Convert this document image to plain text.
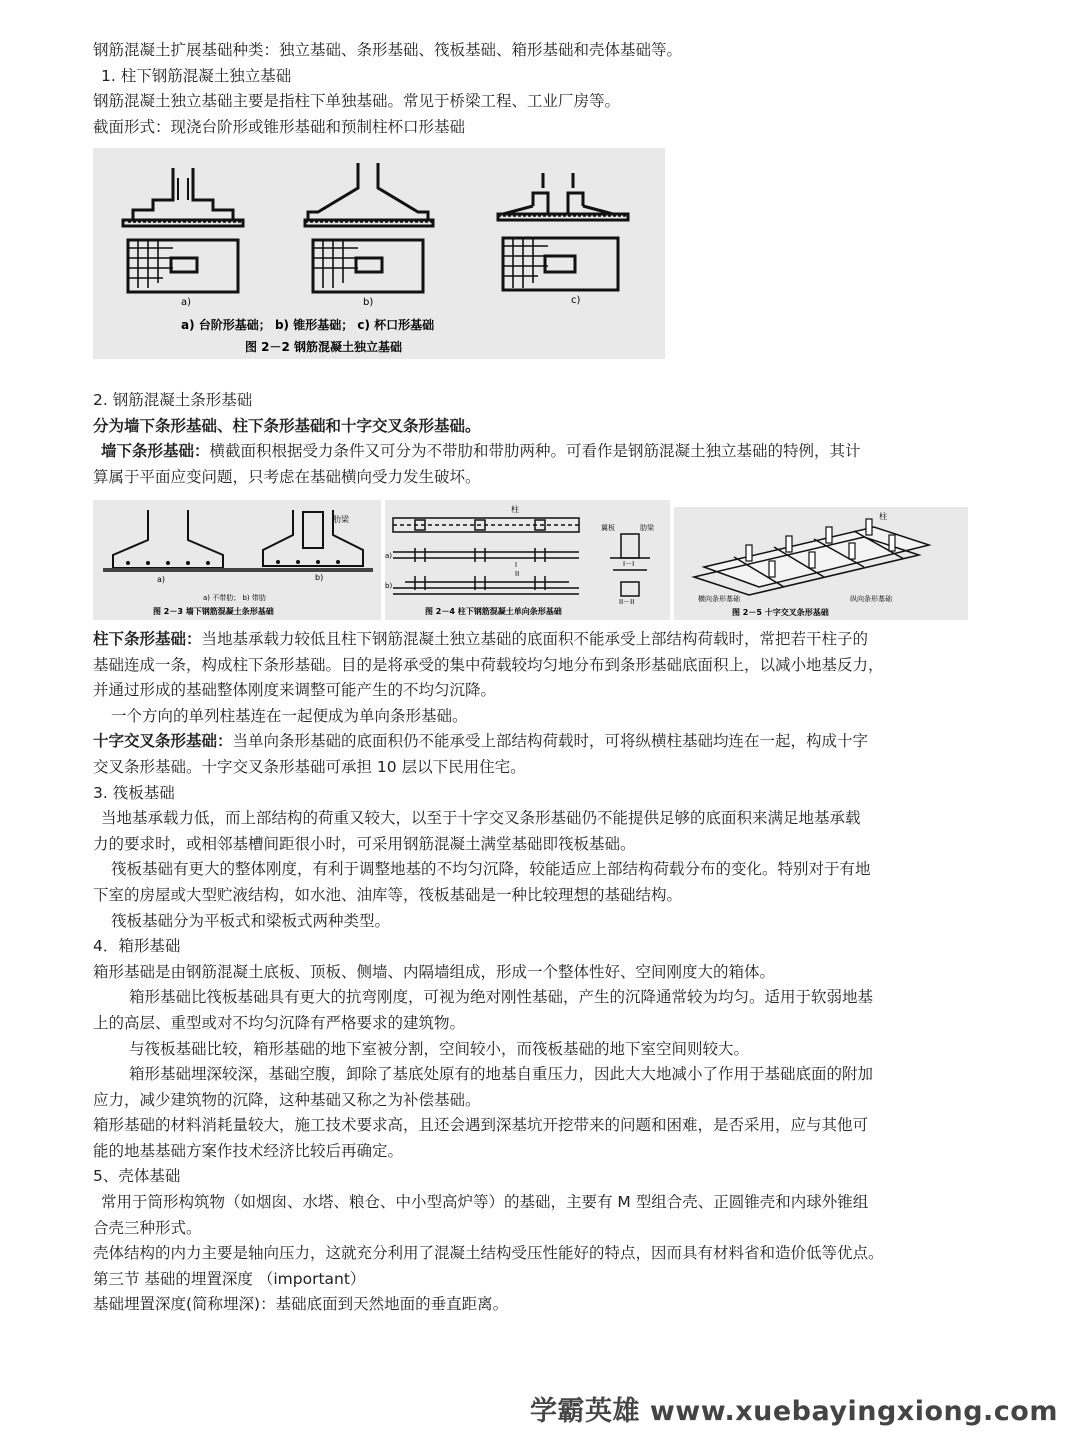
钢筋混凝土扩展基础种类：独立基础、条形基础、筏板基础、箱形基础和壳体基础等。
1. 柱下钢筋混凝土独立基础
钢筋混凝土独立基础主要是指柱下单独基础。常见于桥梁工程、工业厂房等。
截面形式：现浇台阶形或锥形基础和预制柱杯口形基础
a)	b)	c)
a) 台阶形基础； b) 锥形基础； c) 杯口形基础
图 2－2 钢筋混凝土独立基础
2. 钢筋混凝土条形基础
分为墙下条形基础、柱下条形基础和十字交叉条形基础。
墙下条形基础：横截面积根据受力条件又可分为不带肋和带肋两种。可看作是钢筋混凝土独立基础的特例，其计
算属于平面应变问题，只考虑在基础横向受力发生破坏。
肋梁
a)	b)
a) 不带肋； b) 带肋
图 2－3 墙下钢筋混凝土条形基础
柱
翼板	肋梁
a)
b)
I
II
I－I
II－II
图 2－4 柱下钢筋混凝土单向条形基础
柱
横向条形基础	纵向条形基础
图 2－5 十字交叉条形基础
柱下条形基础：当地基承载力较低且柱下钢筋混凝土独立基础的底面积不能承受上部结构荷载时，常把若干柱子的
基础连成一条，构成柱下条形基础。目的是将承受的集中荷载较均匀地分布到条形基础底面积上，以减小地基反力，
并通过形成的基础整体刚度来调整可能产生的不均匀沉降。
一个方向的单列柱基连在一起便成为单向条形基础。
十字交叉条形基础：当单向条形基础的底面积仍不能承受上部结构荷载时，可将纵横柱基础均连在一起，构成十字
交叉条形基础。十字交叉条形基础可承担 10 层以下民用住宅。
3. 筏板基础
当地基承载力低，而上部结构的荷重又较大，以至于十字交叉条形基础仍不能提供足够的底面积来满足地基承载
力的要求时，或相邻基槽间距很小时，可采用钢筋混凝土满堂基础即筏板基础。
筏板基础有更大的整体刚度，有利于调整地基的不均匀沉降，较能适应上部结构荷载分布的变化。特别对于有地
下室的房屋或大型贮液结构，如水池、油库等，筏板基础是一种比较理想的基础结构。
筏板基础分为平板式和梁板式两种类型。
4．箱形基础
箱形基础是由钢筋混凝土底板、顶板、侧墙、内隔墙组成，形成一个整体性好、空间刚度大的箱体。
箱形基础比筏板基础具有更大的抗弯刚度，可视为绝对刚性基础，产生的沉降通常较为均匀。适用于软弱地基
上的高层、重型或对不均匀沉降有严格要求的建筑物。
与筏板基础比较，箱形基础的地下室被分割，空间较小，而筏板基础的地下室空间则较大。
箱形基础埋深较深，基础空腹，卸除了基底处原有的地基自重压力，因此大大地减小了作用于基础底面的附加
应力，减少建筑物的沉降，这种基础又称之为补偿基础。
箱形基础的材料消耗量较大，施工技术要求高，且还会遇到深基坑开挖带来的问题和困难，是否采用，应与其他可
能的地基基础方案作技术经济比较后再确定。
5、壳体基础
常用于筒形构筑物（如烟囱、水塔、粮仓、中小型高炉等）的基础，主要有 M 型组合壳、正圆锥壳和内球外锥组
合壳三种形式。
壳体结构的内力主要是轴向压力，这就充分利用了混凝土结构受压性能好的特点，因而具有材料省和造价低等优点。
第三节 基础的埋置深度 （important）
基础埋置深度(简称埋深)：基础底面到天然地面的垂直距离。
学霸英雄 www.xuebayingxiong.com
